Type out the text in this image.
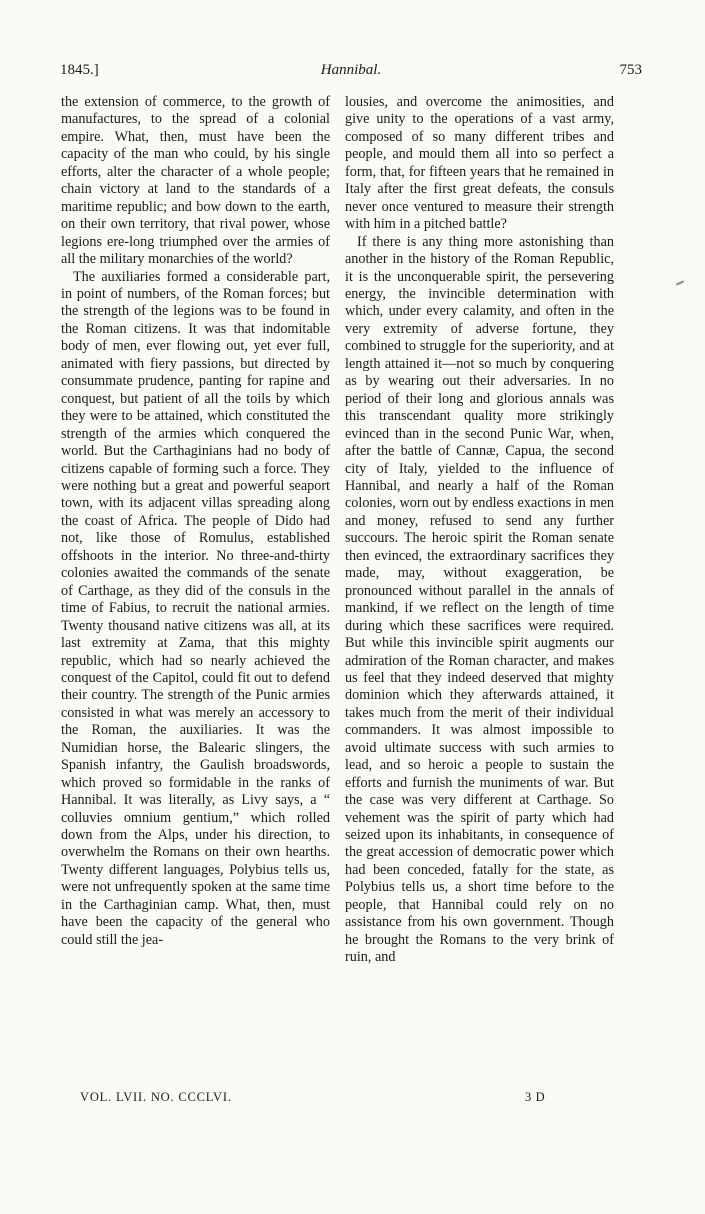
1845.]	Hannibal.	753

the extension of commerce, to the growth of manufactures, to the spread of a colonial empire. What, then, must have been the capacity of the man who could, by his single efforts, alter the character of a whole people; chain victory at land to the standards of a maritime republic; and bow down to the earth, on their own territory, that rival power, whose legions ere-long triumphed over the armies of all the military monarchies of the world?

The auxiliaries formed a considerable part, in point of numbers, of the Roman forces; but the strength of the legions was to be found in the Roman citizens. It was that indomitable body of men, ever flowing out, yet ever full, animated with fiery passions, but directed by consummate prudence, panting for rapine and conquest, but patient of all the toils by which they were to be attained, which constituted the strength of the armies which conquered the world. But the Carthaginians had no body of citizens capable of forming such a force. They were nothing but a great and powerful seaport town, with its adjacent villas spreading along the coast of Africa. The people of Dido had not, like those of Romulus, established offshoots in the interior. No three-and-thirty colonies awaited the commands of the senate of Carthage, as they did of the consuls in the time of Fabius, to recruit the national armies. Twenty thousand native citizens was all, at its last extremity at Zama, that this mighty republic, which had so nearly achieved the conquest of the Capitol, could fit out to defend their country. The strength of the Punic armies consisted in what was merely an accessory to the Roman, the auxiliaries. It was the Numidian horse, the Balearic slingers, the Spanish infantry, the Gaulish broadswords, which proved so formidable in the ranks of Hannibal. It was literally, as Livy says, a “ colluvies omnium gentium,” which rolled down from the Alps, under his direction, to overwhelm the Romans on their own hearths. Twenty different languages, Polybius tells us, were not unfrequently spoken at the same time in the Carthaginian camp. What, then, must have been the capacity of the general who could still the jea-

lousies, and overcome the animosities, and give unity to the operations of a vast army, composed of so many different tribes and people, and mould them all into so perfect a form, that, for fifteen years that he remained in Italy after the first great defeats, the consuls never once ventured to measure their strength with him in a pitched battle?

If there is any thing more astonishing than another in the history of the Roman Republic, it is the unconquerable spirit, the persevering energy, the invincible determination with which, under every calamity, and often in the very extremity of adverse fortune, they combined to struggle for the superiority, and at length attained it—not so much by conquering as by wearing out their adversaries. In no period of their long and glorious annals was this transcendant quality more strikingly evinced than in the second Punic War, when, after the battle of Cannæ, Capua, the second city of Italy, yielded to the influence of Hannibal, and nearly a half of the Roman colonies, worn out by endless exactions in men and money, refused to send any further succours. The heroic spirit the Roman senate then evinced, the extraordinary sacrifices they made, may, without exaggeration, be pronounced without parallel in the annals of mankind, if we reflect on the length of time during which these sacrifices were required. But while this invincible spirit augments our admiration of the Roman character, and makes us feel that they indeed deserved that mighty dominion which they afterwards attained, it takes much from the merit of their individual commanders. It was almost impossible to avoid ultimate success with such armies to lead, and so heroic a people to sustain the efforts and furnish the muniments of war. But the case was very different at Carthage. So vehement was the spirit of party which had seized upon its inhabitants, in consequence of the great accession of democratic power which had been conceded, fatally for the state, as Polybius tells us, a short time before to the people, that Hannibal could rely on no assistance from his own government. Though he brought the Romans to the very brink of ruin, and

VOL. LVII. NO. CCCLVI.	3 D
